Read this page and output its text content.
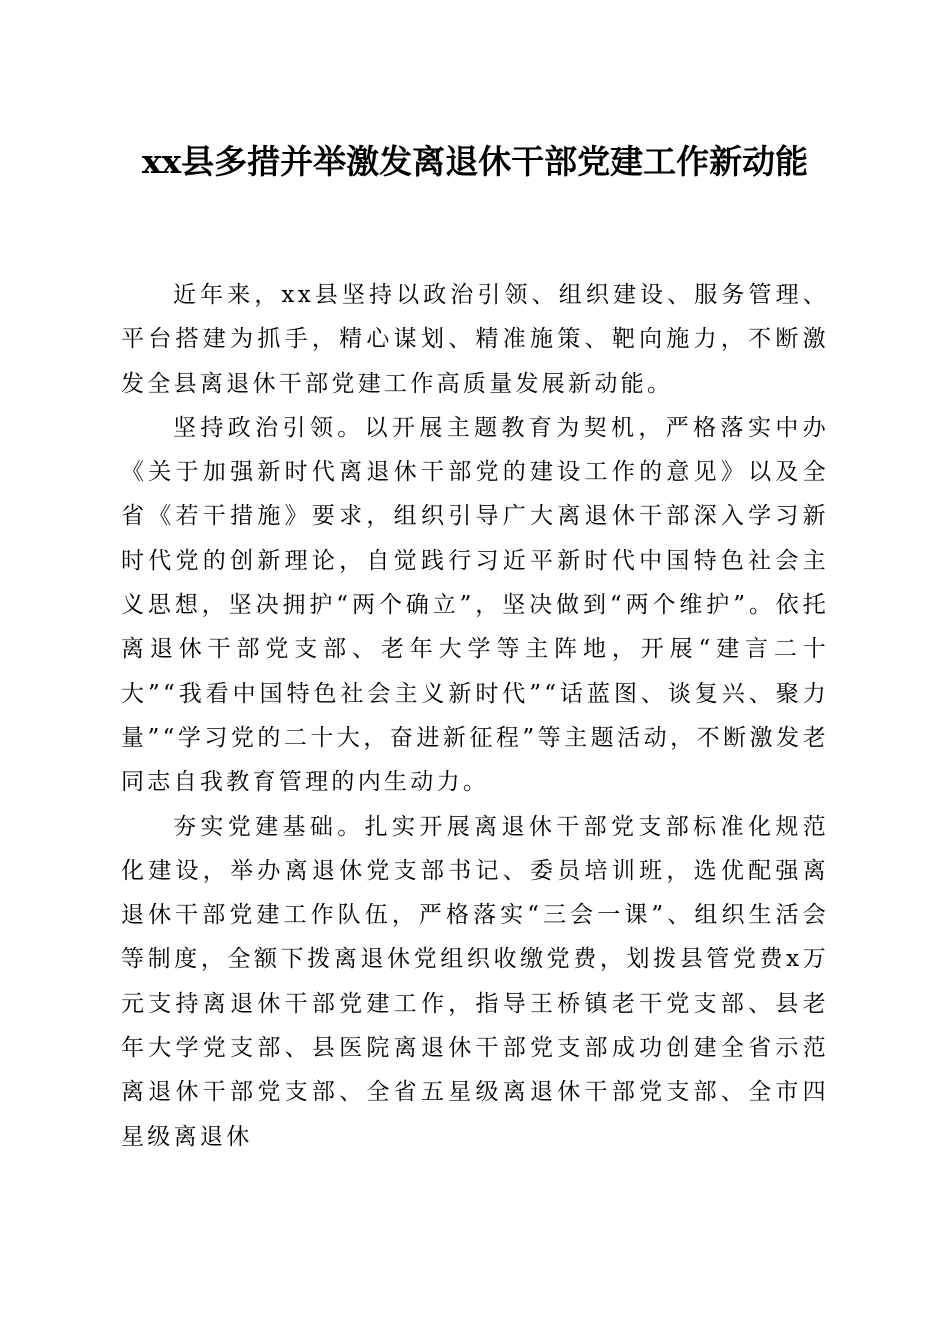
xx县多措并举激发离退休干部党建工作新动能

近年来，xx县坚持以政治引领、组织建设、服务管理、平台搭建为抓手，精心谋划、精准施策、靶向施力，不断激发全县离退休干部党建工作高质量发展新动能。

坚持政治引领。以开展主题教育为契机，严格落实中办《关于加强新时代离退休干部党的建设工作的意见》以及全省《若干措施》要求，组织引导广大离退休干部深入学习新时代党的创新理论，自觉践行习近平新时代中国特色社会主义思想，坚决拥护“两个确立”，坚决做到“两个维护”。依托离退休干部党支部、老年大学等主阵地，开展“建言二十大”“我看中国特色社会主义新时代”“话蓝图、谈复兴、聚力量”“学习党的二十大，奋进新征程”等主题活动，不断激发老同志自我教育管理的内生动力。

夯实党建基础。扎实开展离退休干部党支部标准化规范化建设，举办离退休党支部书记、委员培训班，选优配强离退休干部党建工作队伍，严格落实“三会一课”、组织生活会等制度，全额下拨离退休党组织收缴党费，划拨县管党费x万元支持离退休干部党建工作，指导王桥镇老干党支部、县老年大学党支部、县医院离退休干部党支部成功创建全省示范离退休干部党支部、全省五星级离退休干部党支部、全市四星级离退休
